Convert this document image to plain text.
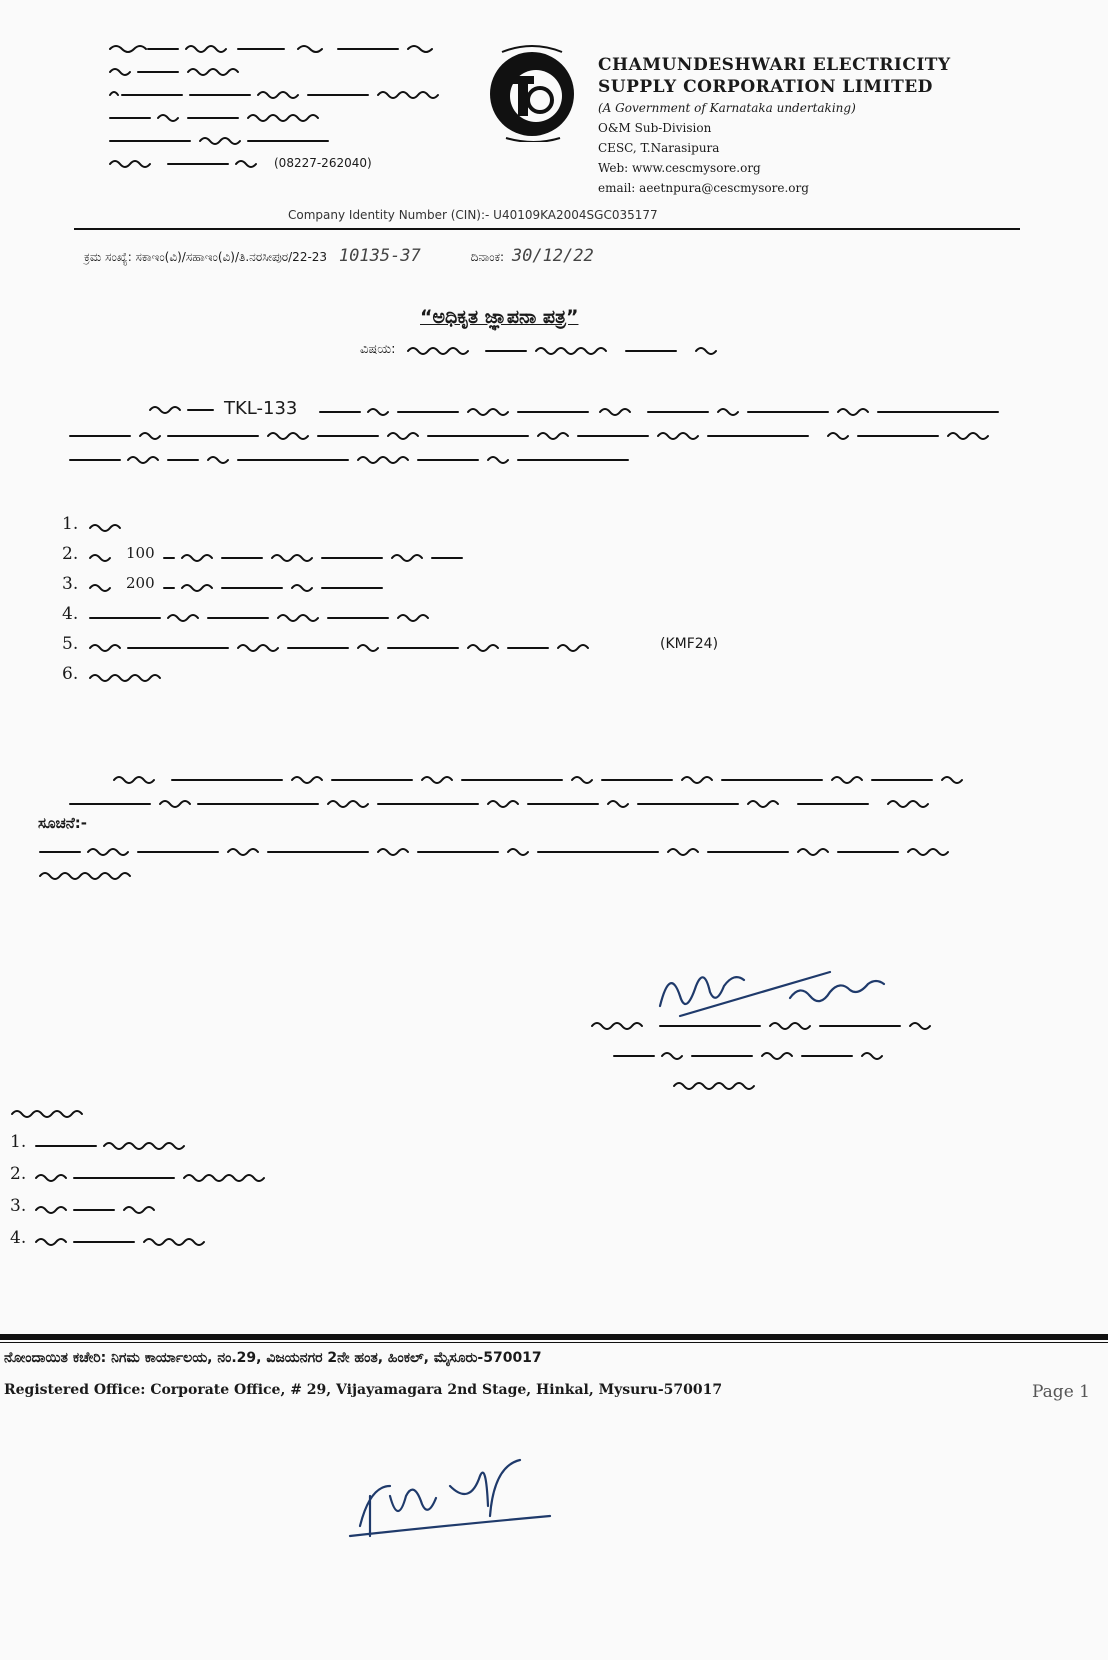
(08227-262040)
CHAMUNDESHWARI ELECTRICITY
SUPPLY CORPORATION LIMITED
(A Government of Karnataka undertaking)
O&M Sub-Division
CESC, T.Narasipura
Web: www.cescmysore.org
email: aeetnpura@cescmysore.org
Company Identity Number (CIN):- U40109KA2004SGC035177
ಕ್ರಮ ಸಂಖ್ಯೆ: ಸಕಾಇಂ(ವಿ)/ಸಹಾಇಂ(ವಿ)/ತಿ.ನರಸೀಪುರ/22-23 10135-37	ದಿನಾಂಕ: 30/12/22
“ಅಧಿಕೃತ ಜ್ಞಾಪನಾ ಪತ್ರ”
ವಿಷಯ:
TKL-133
1.
2.	100
3.	200
4.
5.	(KMF24)
6.
ಸೂಚನೆ:-
1.
2.
3.
4.
ನೋಂದಾಯಿತ ಕಚೇರಿ: ನಿಗಮ ಕಾರ್ಯಾಲಯ, ನಂ.29, ವಿಜಯನಗರ 2ನೇ ಹಂತ, ಹಿಂಕಲ್, ಮೈಸೂರು-570017
Registered Office: Corporate Office, # 29, Vijayamagara 2nd Stage, Hinkal, Mysuru-570017	Page 1
